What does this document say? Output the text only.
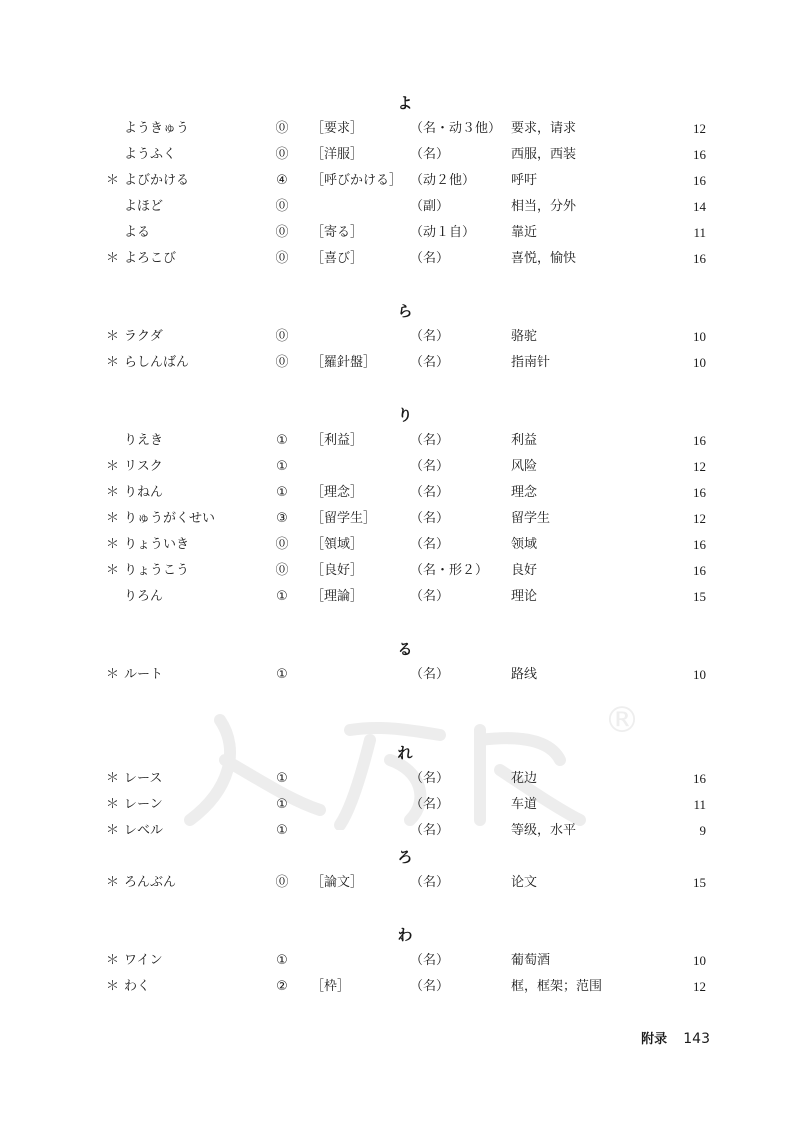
®
よ
ようきゅう	⓪	［要求］	（名・动３他） 要求，请求	12
ようふく	⓪	［洋服］	（名）	西服，西装	16
＊ よびかける	④	［呼びかける］ （动２他）	呼吁	16
よほど	⓪	（副）	相当，分外	14
よる	⓪	［寄る］	（动１自）	靠近	11
＊ よろこび	⓪	［喜び］	（名）	喜悦，愉快	16
ら
＊ ラクダ	⓪	（名）	骆驼	10
＊ らしんばん	⓪	［羅針盤］	（名）	指南针	10
り
りえき	①	［利益］	（名）	利益	16
＊ リスク	①	（名）	风险	12
＊ りねん	①	［理念］	（名）	理念	16
＊ りゅうがくせい	③	［留学生］	（名）	留学生	12
＊ りょういき	⓪	［領域］	（名）	领域	16
＊ りょうこう	⓪	［良好］	（名・形２） 良好	16
りろん	①	［理論］	（名）	理论	15
る
＊ ルート	①	（名）	路线	10
れ
＊ レース	①	（名）	花边	16
＊ レーン	①	（名）	车道	11
＊ レベル	①	（名）	等级，水平	9
ろ
＊ ろんぶん	⓪	［論文］	（名）	论文	15
わ
＊ ワイン	①	（名）	葡萄酒	10
＊ わく	②	［枠］	（名）	框，框架；范围	12
附录 143
